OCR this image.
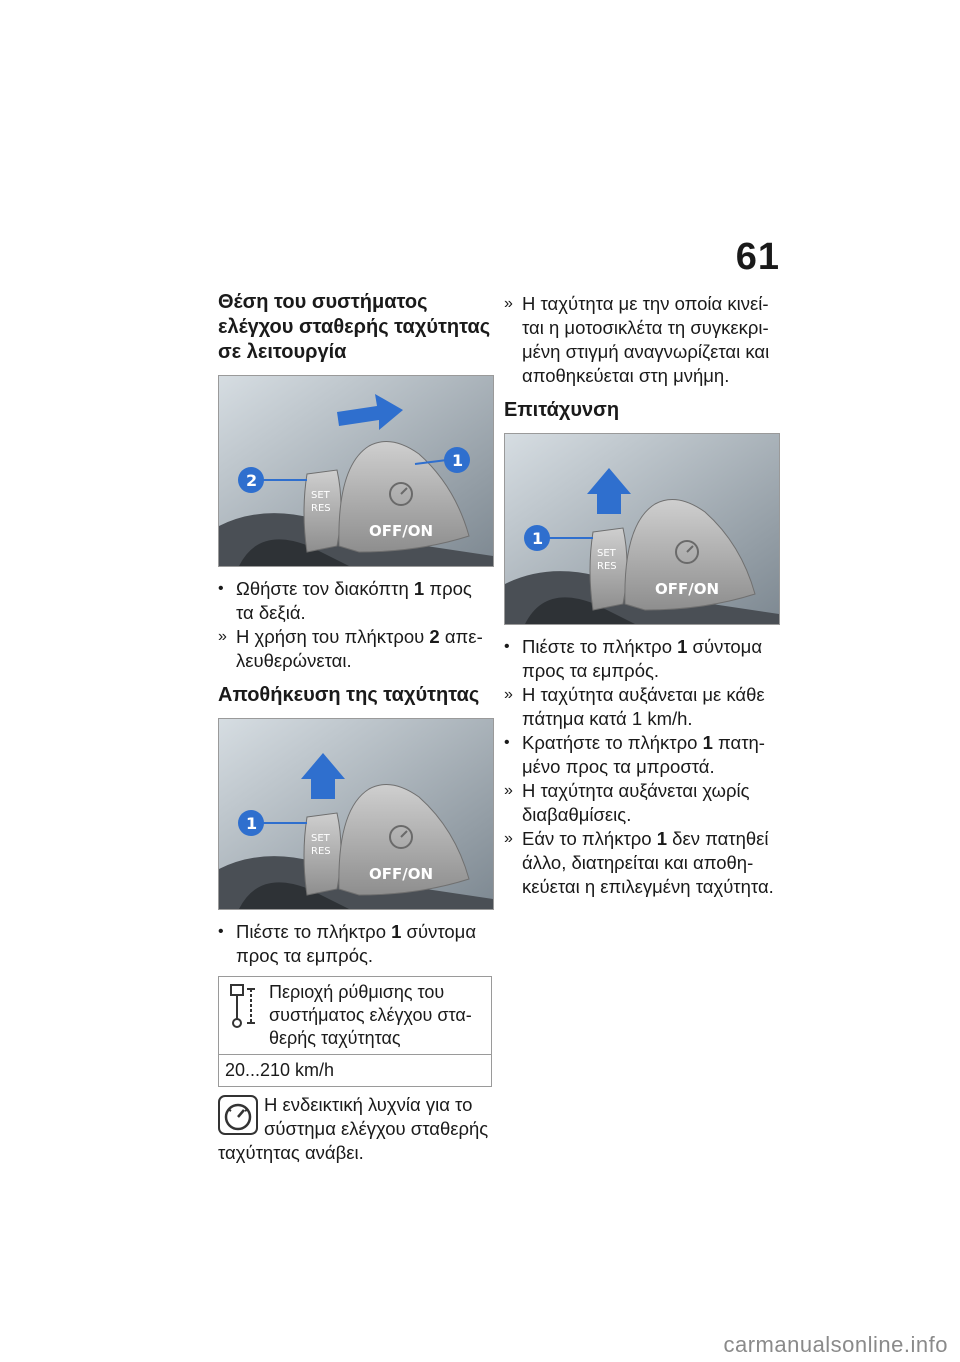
61
Θέση του συστήματος ελέγχου σταθερής ταχύτητας σε λειτουργία
SET
RES
OFF/ON
1
2
• Ωθήστε τον διακόπτη 1 προς τα δεξιά.
» Η χρήση του πλήκτρου 2 απελευθερώνεται.
Αποθήκευση της ταχύτητας
SET
RES
OFF/ON
1
• Πιέστε το πλήκτρο 1 σύντομα προς τα εμπρός.
Περιοχή ρύθμισης του συστήματος ελέγχου σταθερής ταχύτητας
20...210 km/h
Η ενδεικτική λυχνία για το σύστημα ελέγχου σταθερής ταχύτητας ανάβει.
» Η ταχύτητα με την οποία κινείται η μοτοσικλέτα τη συγκεκριμένη στιγμή αναγνωρίζεται και αποθηκεύεται στη μνήμη.
Επιτάχυνση
SET
RES
OFF/ON
1
• Πιέστε το πλήκτρο 1 σύντομα προς τα εμπρός.
» Η ταχύτητα αυξάνεται με κάθε πάτημα κατά 1 km/h.
• Κρατήστε το πλήκτρο 1 πατημένο προς τα μπροστά.
» Η ταχύτητα αυξάνεται χωρίς διαβαθμίσεις.
» Εάν το πλήκτρο 1 δεν πατηθεί άλλο, διατηρείται και αποθηκεύεται η επιλεγμένη ταχύτητα.
carmanualsonline.info
